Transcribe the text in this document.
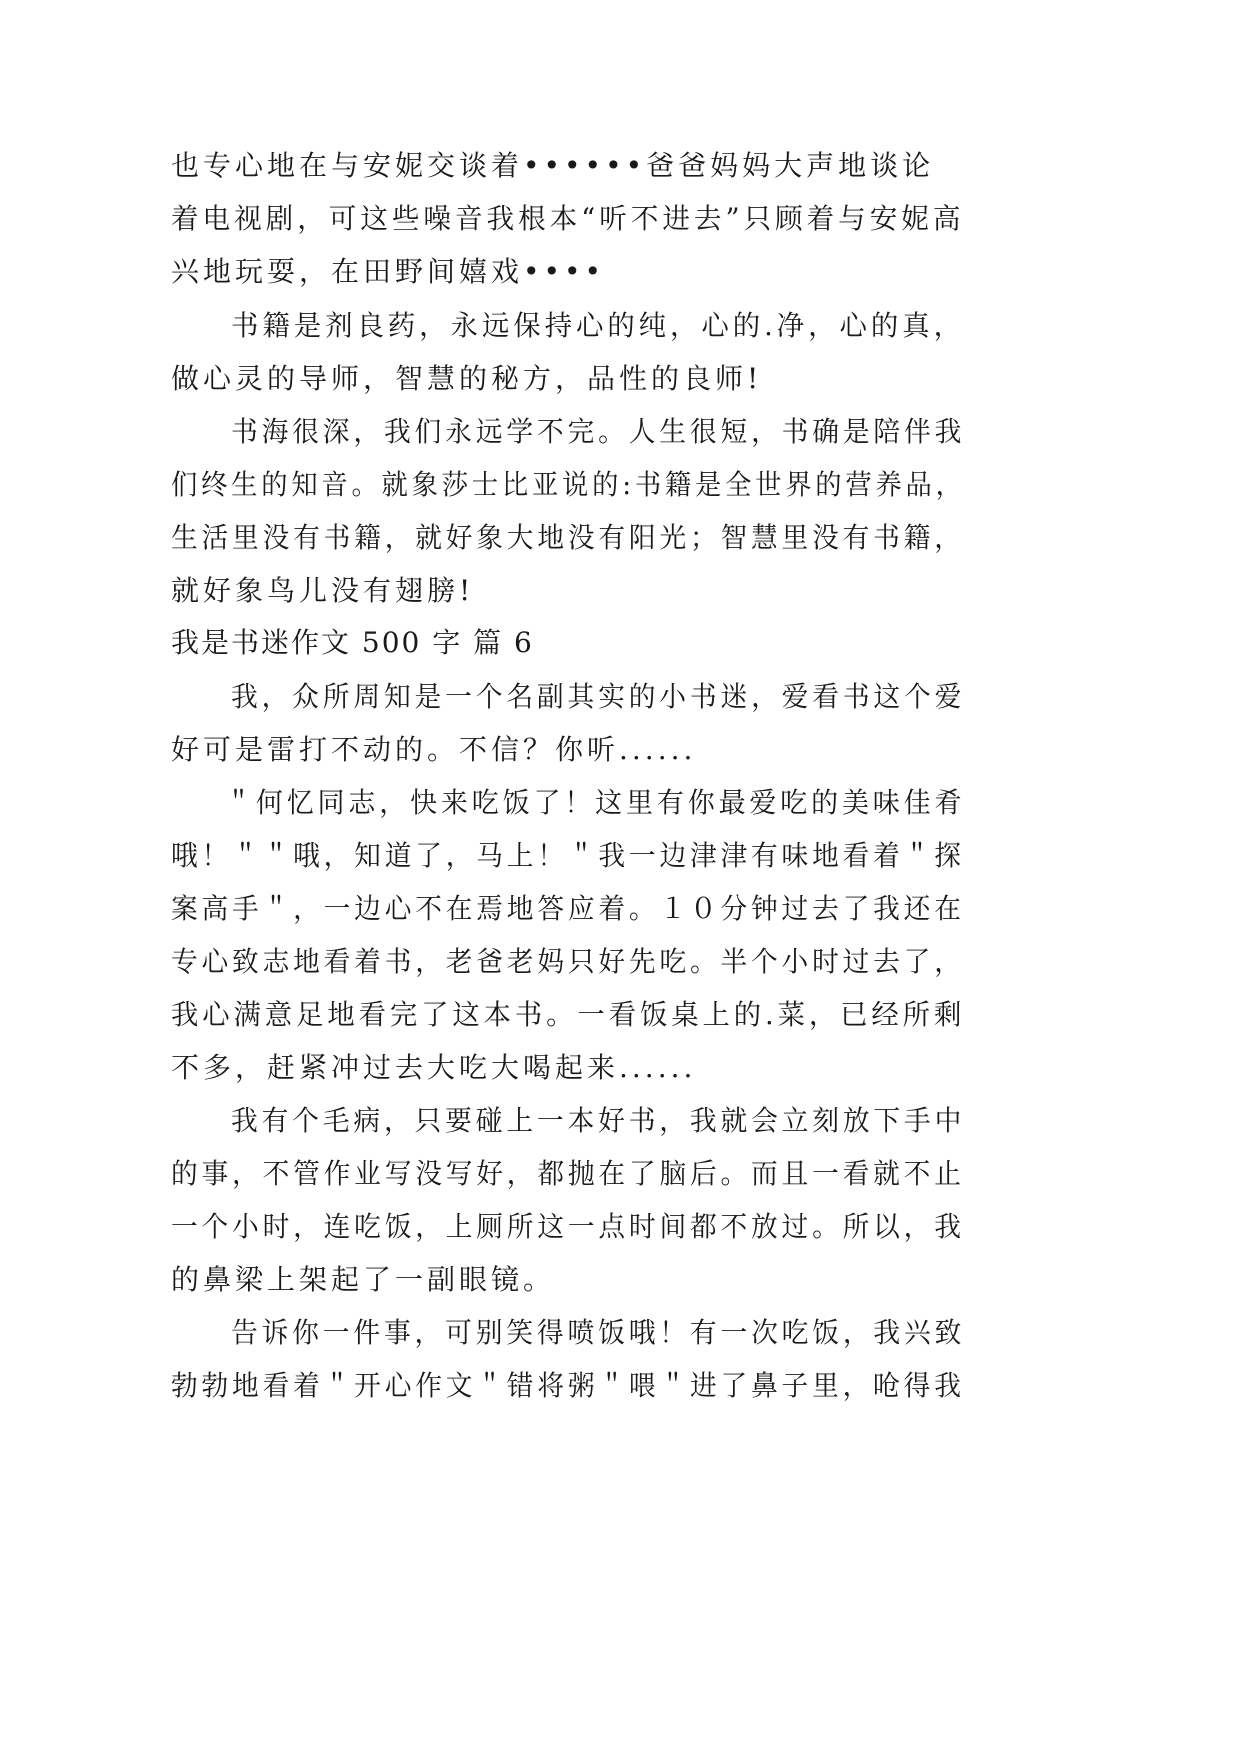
也专心地在与安妮交谈着••••••爸爸妈妈大声地谈论
着电视剧，可这些噪音我根本“听不进去”只顾着与安妮高
兴地玩耍，在田野间嬉戏••••
书籍是剂良药，永远保持心的纯，心的.净，心的真，
做心灵的导师，智慧的秘方，品性的良师!
书海很深，我们永远学不完。人生很短，书确是陪伴我
们终生的知音。就象莎士比亚说的:书籍是全世界的营养品，
生活里没有书籍，就好象大地没有阳光；智慧里没有书籍，
就好象鸟儿没有翅膀!
我是书迷作文 500 字 篇 6
我，众所周知是一个名副其实的小书迷，爱看书这个爱
好可是雷打不动的。不信？你听......
＂何忆同志，快来吃饭了！这里有你最爱吃的美味佳肴
哦！＂＂哦，知道了，马上！＂我一边津津有味地看着＂探
案高手＂，一边心不在焉地答应着。１０分钟过去了我还在
专心致志地看着书，老爸老妈只好先吃。半个小时过去了，
我心满意足地看完了这本书。一看饭桌上的.菜，已经所剩
不多，赶紧冲过去大吃大喝起来......
我有个毛病，只要碰上一本好书，我就会立刻放下手中
的事，不管作业写没写好，都抛在了脑后。而且一看就不止
一个小时，连吃饭，上厕所这一点时间都不放过。所以，我
的鼻梁上架起了一副眼镜。
告诉你一件事，可别笑得喷饭哦！有一次吃饭，我兴致
勃勃地看着＂开心作文＂错将粥＂喂＂进了鼻子里，呛得我
